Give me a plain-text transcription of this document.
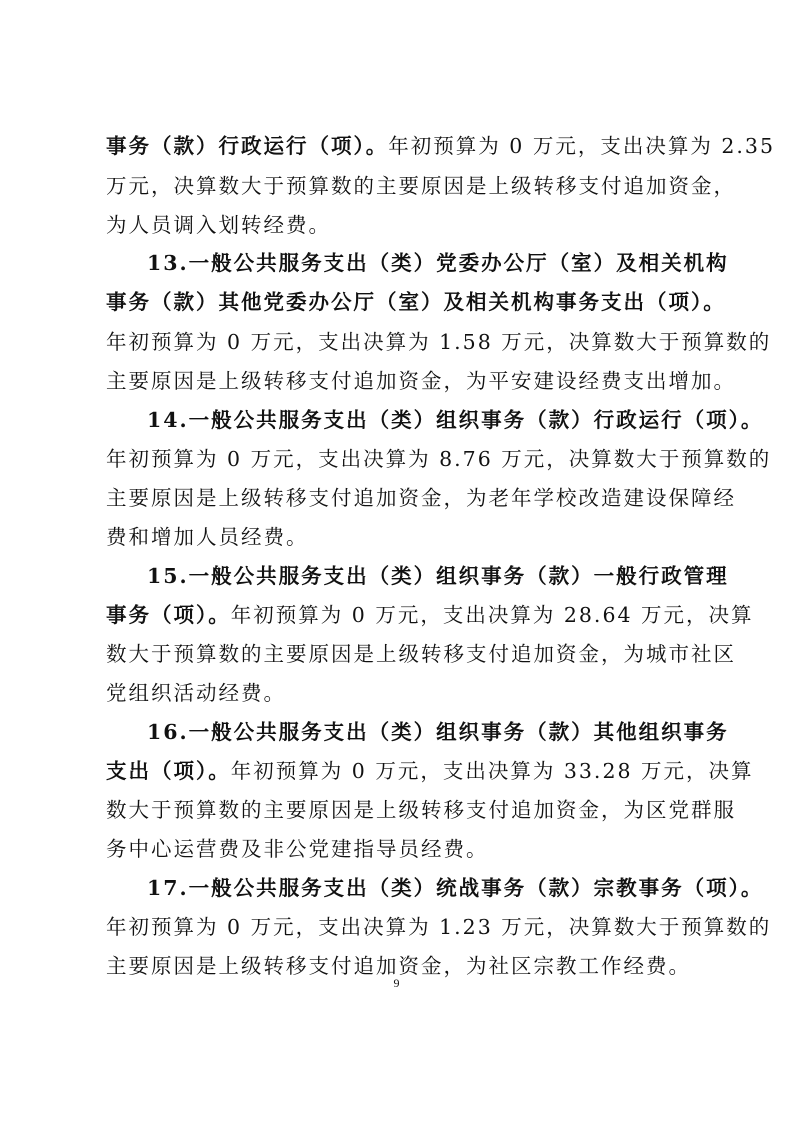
事务（款）行政运行（项）。年初预算为 0 万元，支出决算为 2.35
万元，决算数大于预算数的主要原因是上级转移支付追加资金，
为人员调入划转经费。
13.一般公共服务支出（类）党委办公厅（室）及相关机构
事务（款）其他党委办公厅（室）及相关机构事务支出（项）。
年初预算为 0 万元，支出决算为 1.58 万元，决算数大于预算数的
主要原因是上级转移支付追加资金，为平安建设经费支出增加。
14.一般公共服务支出（类）组织事务（款）行政运行（项）。
年初预算为 0 万元，支出决算为 8.76 万元，决算数大于预算数的
主要原因是上级转移支付追加资金，为老年学校改造建设保障经
费和增加人员经费。
15.一般公共服务支出（类）组织事务（款）一般行政管理
事务（项）。年初预算为 0 万元，支出决算为 28.64 万元，决算
数大于预算数的主要原因是上级转移支付追加资金，为城市社区
党组织活动经费。
16.一般公共服务支出（类）组织事务（款）其他组织事务
支出（项）。年初预算为 0 万元，支出决算为 33.28 万元，决算
数大于预算数的主要原因是上级转移支付追加资金，为区党群服
务中心运营费及非公党建指导员经费。
17.一般公共服务支出（类）统战事务（款）宗教事务（项）。
年初预算为 0 万元，支出决算为 1.23 万元，决算数大于预算数的
主要原因是上级转移支付追加资金，为社区宗教工作经费。
9
